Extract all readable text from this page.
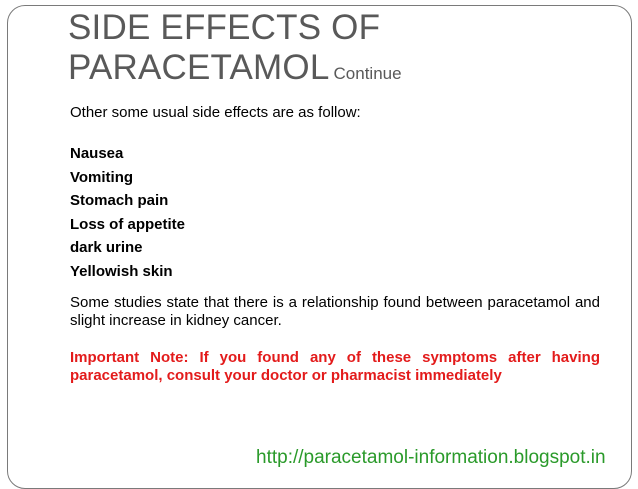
SIDE EFFECTS OF
PARACETAMOL Continue
Other some usual side effects are as follow:
Nausea
Vomiting
Stomach pain
Loss of appetite
dark urine
Yellowish skin
Some studies state that there is a relationship found between paracetamol and slight increase in kidney cancer.
Important Note: If you found any of these symptoms after having paracetamol, consult your doctor or pharmacist immediately
http://paracetamol-information.blogspot.in
